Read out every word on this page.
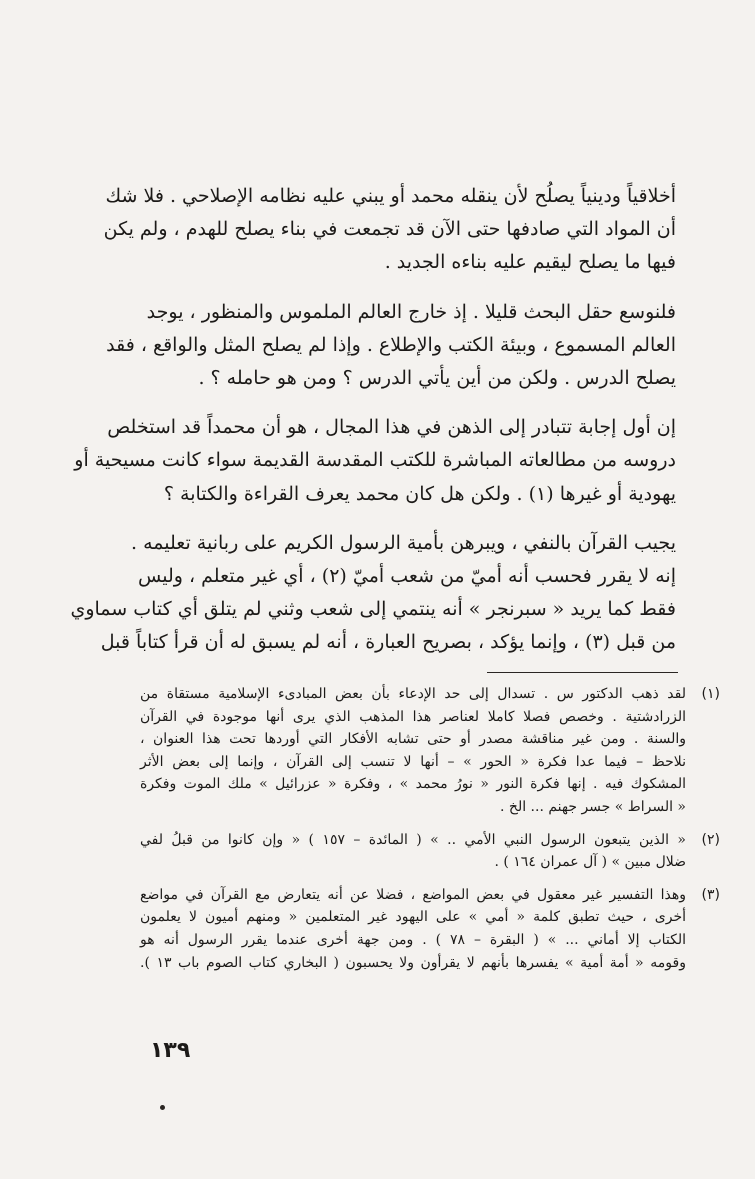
أخلاقياً ودينياً يصلُح لأن ينقله محمد أو يبني عليه نظامه الإصلاحي . فلا شك
أن المواد التي صادفها حتى الآن قد تجمعت في بناء يصلح للهدم ، ولم يكن
فيها ما يصلح ليقيم عليه بناءه الجديد .

فلنوسع حقل البحث قليلا . إذ خارج العالم الملموس والمنظور ، يوجد
العالم المسموع ، وبيئة الكتب والإطلاع . وإذا لم يصلح المثل والواقع ، فقد
يصلح الدرس . ولكن من أين يأتي الدرس ؟ ومن هو حامله ؟ .

إن أول إجابة تتبادر إلى الذهن في هذا المجال ، هو أن محمداً قد استخلص
دروسه من مطالعاته المباشرة للكتب المقدسة القديمة سواء كانت مسيحية أو
يهودية أو غيرها (١) . ولكن هل كان محمد يعرف القراءة والكتابة ؟

يجيب القرآن بالنفي ، ويبرهن بأمية الرسول الكريم على ربانية تعليمه .
إنه لا يقرر فحسب أنه أميّ من شعب أميّ (٢) ، أي غير متعلم ، وليس
فقط كما يريد « سبرنجر » أنه ينتمي إلى شعب وثني لم يتلق أي كتاب سماوي
من قبل (٣) ، وإنما يؤكد ، بصريح العبارة ، أنه لم يسبق له أن قرأ كتاباً قبل

(١)
لقد ذهب الدكتور س . تسدال إلى حد الإدعاء بأن بعض المبادىء الإسلامية مستقاة من
الزرادشتية . وخصص فصلا كاملا لعناصر هذا المذهب الذي يرى أنها موجودة في القرآن
والسنة . ومن غير مناقشة مصدر أو حتى تشابه الأفكار التي أوردها تحت هذا العنوان ،
نلاحظ – فيما عدا فكرة « الحور » – أنها لا تنسب إلى القرآن ، وإنما إلى بعض الأثر
المشكوك فيه . إنها فكرة النور « نورُ محمد » ، وفكرة « عزرائيل » ملك الموت وفكرة
« السراط » جسر جهنم ... الخ .
(٢)
« الذين يتبعون الرسول النبي الأمي .. » ( المائدة – ١٥٧ ) « وإن كانوا من قبلُ لفي
ضلال مبين » ( آل عمران ١٦٤ ) .
(٣)
وهذا التفسير غير معقول في بعض المواضع ، فضلا عن أنه يتعارض مع القرآن في مواضع
أخرى ، حيث تطبق كلمة « أمي » على اليهود غير المتعلمين « ومنهم أميون لا يعلمون
الكتاب إلا أماني ... » ( البقرة – ٧٨ ) . ومن جهة أخرى عندما يقرر الرسول أنه هو
وقومه « أمة أمية » يفسرها بأنهم لا يقرأون ولا يحسبون ( البخاري كتاب الصوم باب ١٣ ).
١٣٩
